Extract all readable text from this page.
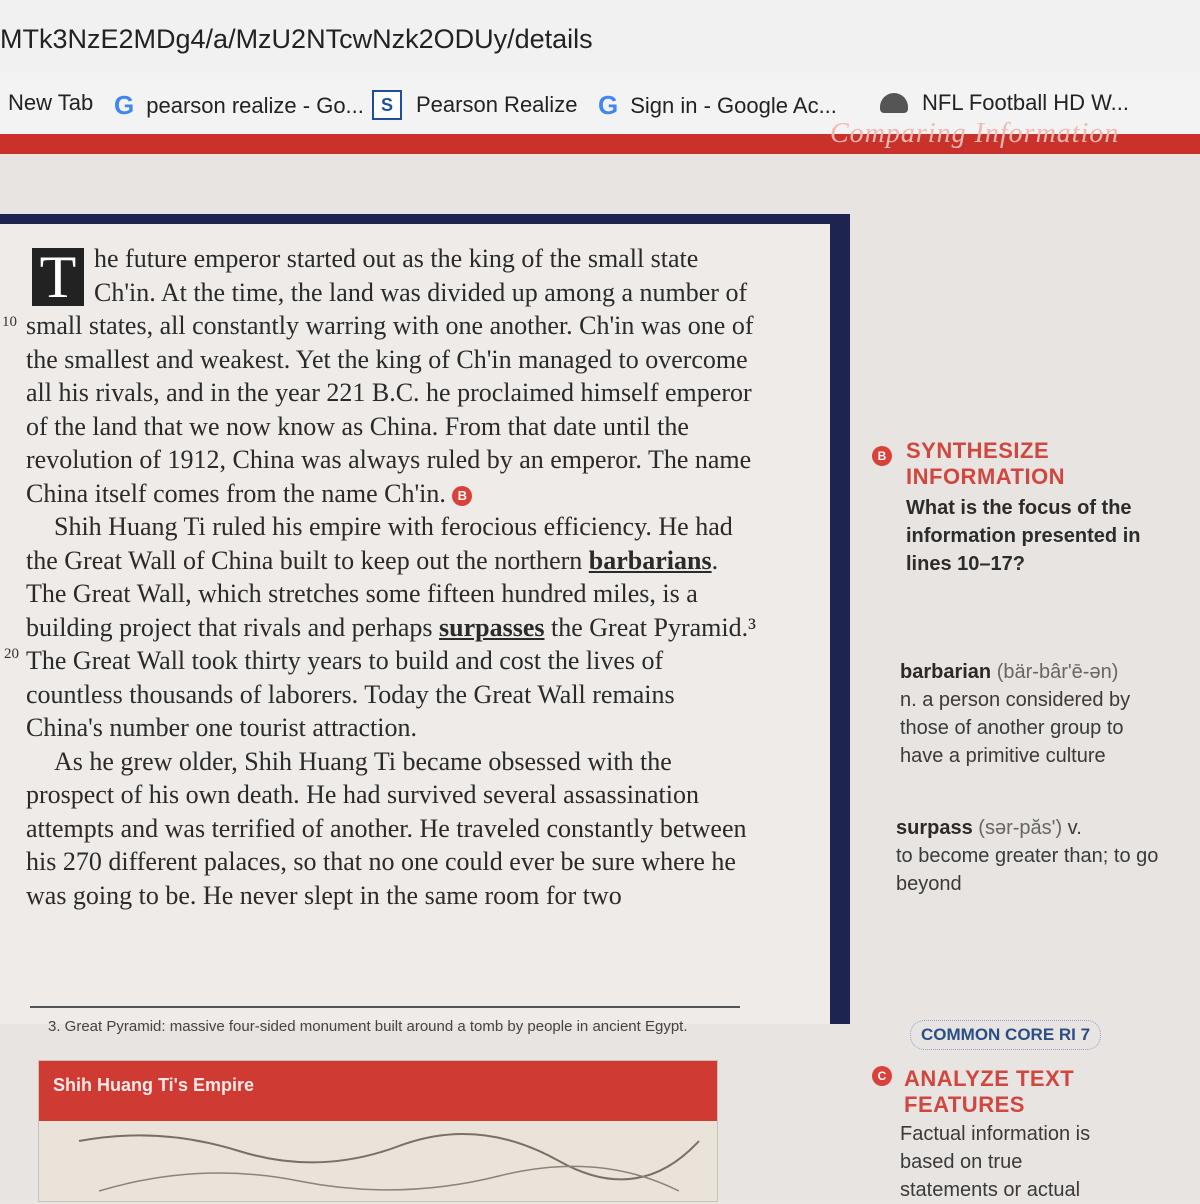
MTk3NzE2MDg4/a/MzU2NTcwNzk2ODUy/details
New Tab G pearson realize - Go... S	Pearson Realize G Sign in - Google Ac...	NFL Football HD W...
Comparing Information
10
20

T he future emperor started out as the king of the small state Ch'in. At the time, the land was divided up among a number of small states, all constantly warring with one another. Ch'in was one of the smallest and weakest. Yet the king of Ch'in managed to overcome all his rivals, and in the year 221 B.C. he proclaimed himself emperor of the land that we now know as China. From that date until the revolution of 1912, China was always ruled by an emperor. The name China itself comes from the name Ch'in. B

Shih Huang Ti ruled his empire with ferocious efficiency. He had the Great Wall of China built to keep out the northern barbarians. The Great Wall, which stretches some fifteen hundred miles, is a building project that rivals and perhaps surpasses the Great Pyramid.³ The Great Wall took thirty years to build and cost the lives of countless thousands of laborers. Today the Great Wall remains China's number one tourist attraction.

As he grew older, Shih Huang Ti became obsessed with the prospect of his own death. He had survived several assassination attempts and was terrified of another. He traveled constantly between his 270 different palaces, so that no one could ever be sure where he was going to be. He never slept in the same room for two

3. Great Pyramid: massive four-sided monument built around a tomb by people in ancient Egypt.
Shih Huang Ti's Empire
B SYNTHESIZE
INFORMATION
What is the focus of the information presented in lines 10–17?
barbarian (bär-bâr'ē-ən)
n. a person considered by those of another group to have a primitive culture
surpass (sər-păs') v.
to become greater than; to go beyond
COMMON CORE RI 7
C ANALYZE TEXT
FEATURES
Factual information is based on true statements or actual
